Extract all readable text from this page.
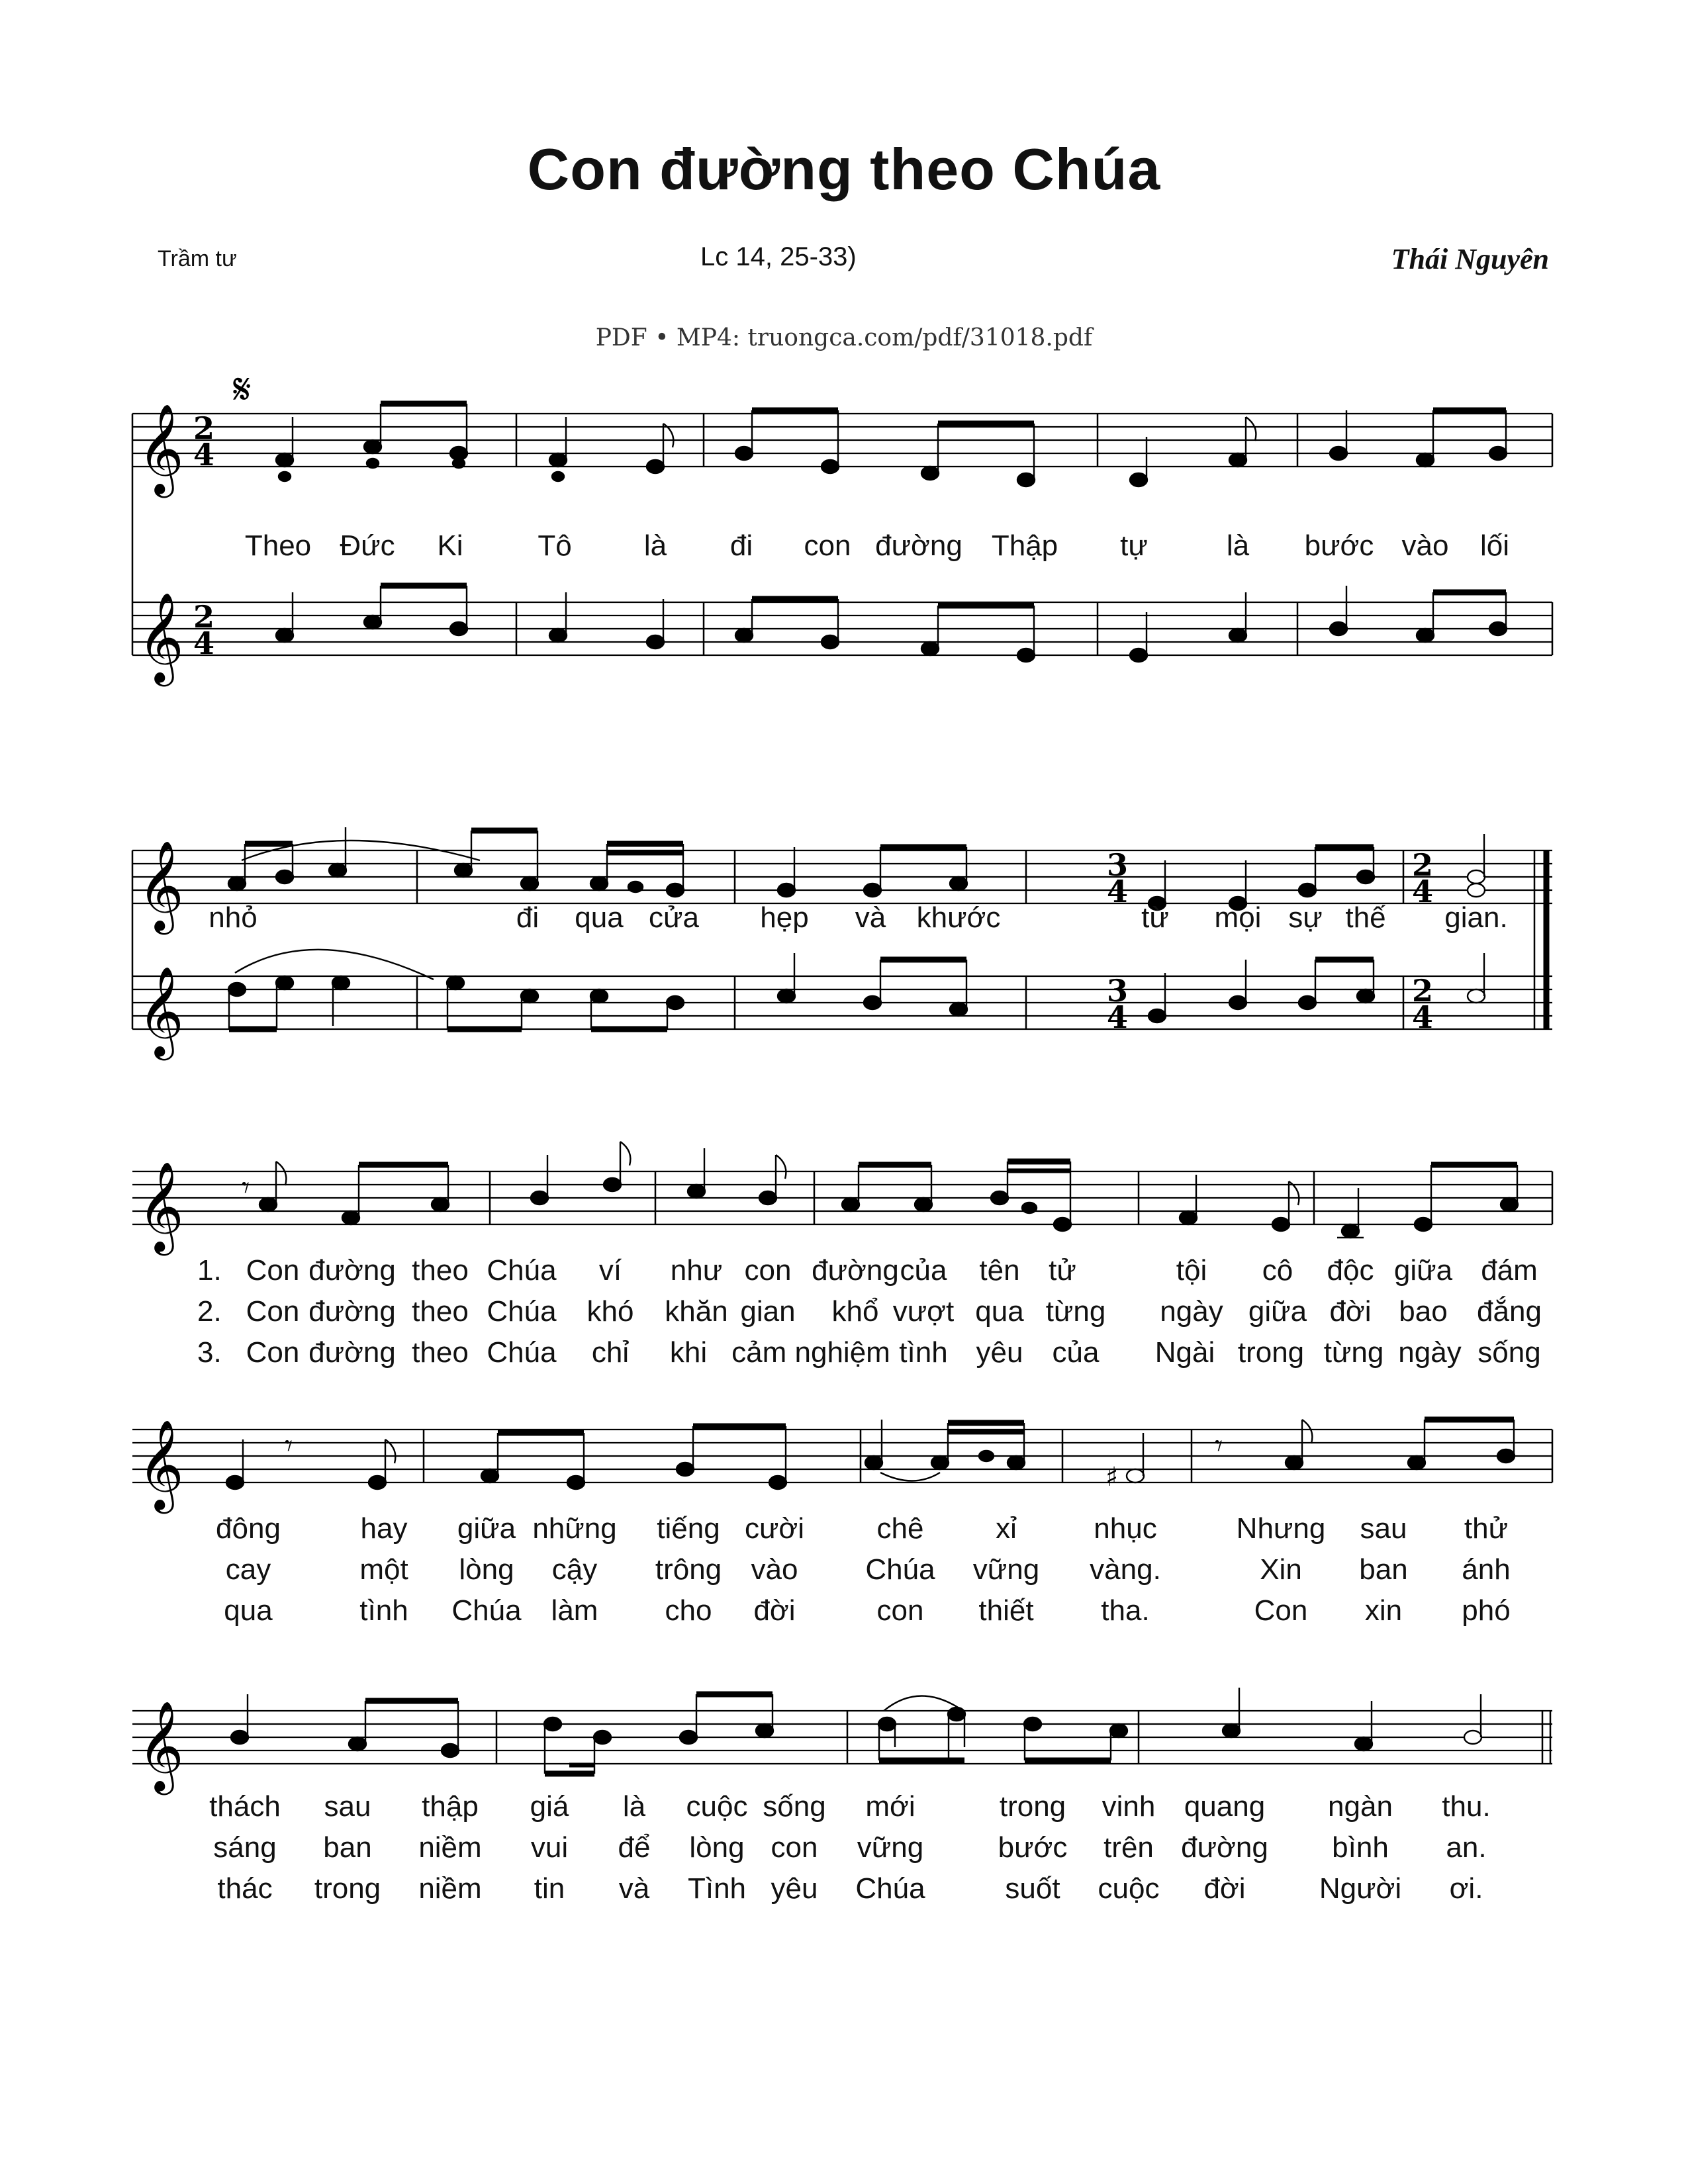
Con đường theo Chúa
Trầm tư	Lc 14, 25-33)	Thái Nguyên
PDF • MP4: truongca.com/pdf/31018.pdf
𝄞
𝄞
𝄞
𝄞
𝄞
𝄞
𝄞
2
4
2
4
3
4
3
4
2
4
2
4
𝄋
𝄾
𝄾
♯
𝄾
Theo Đức Ki	Tô là đi con đường Thập tự	là bước vào lối
nhỏ	đi qua cửa hẹp và khước	từ mọi sự thế gian.
1. Con đường theo Chúa ví như con đường của tên tử	tội cô độc giữa đám
2. Con đường theo Chúa khó khăn gian khổ vượt qua từng ngày giữa đời bao đắng
3. Con đường theo Chúa chỉ khi cảm nghiệm tình yêu của Ngài trong từng ngày sống
đông	hay giữa những tiếng cười chê xỉ	nhục	Nhưng sau thử
cay	một lòng cậy trông vào Chúa vững vàng.	Xin ban ánh
qua	tình Chúa làm cho đời	con thiết tha.	Con xin phó
thách sau thập giá là cuộc sống mới	trong vinh quang ngàn thu.
sáng ban niềm vui để lòng con vững	bước trên đường bình an.
thác trong niềm tin và Tình yêu Chúa	suốt cuộc đời	Người ơi.
